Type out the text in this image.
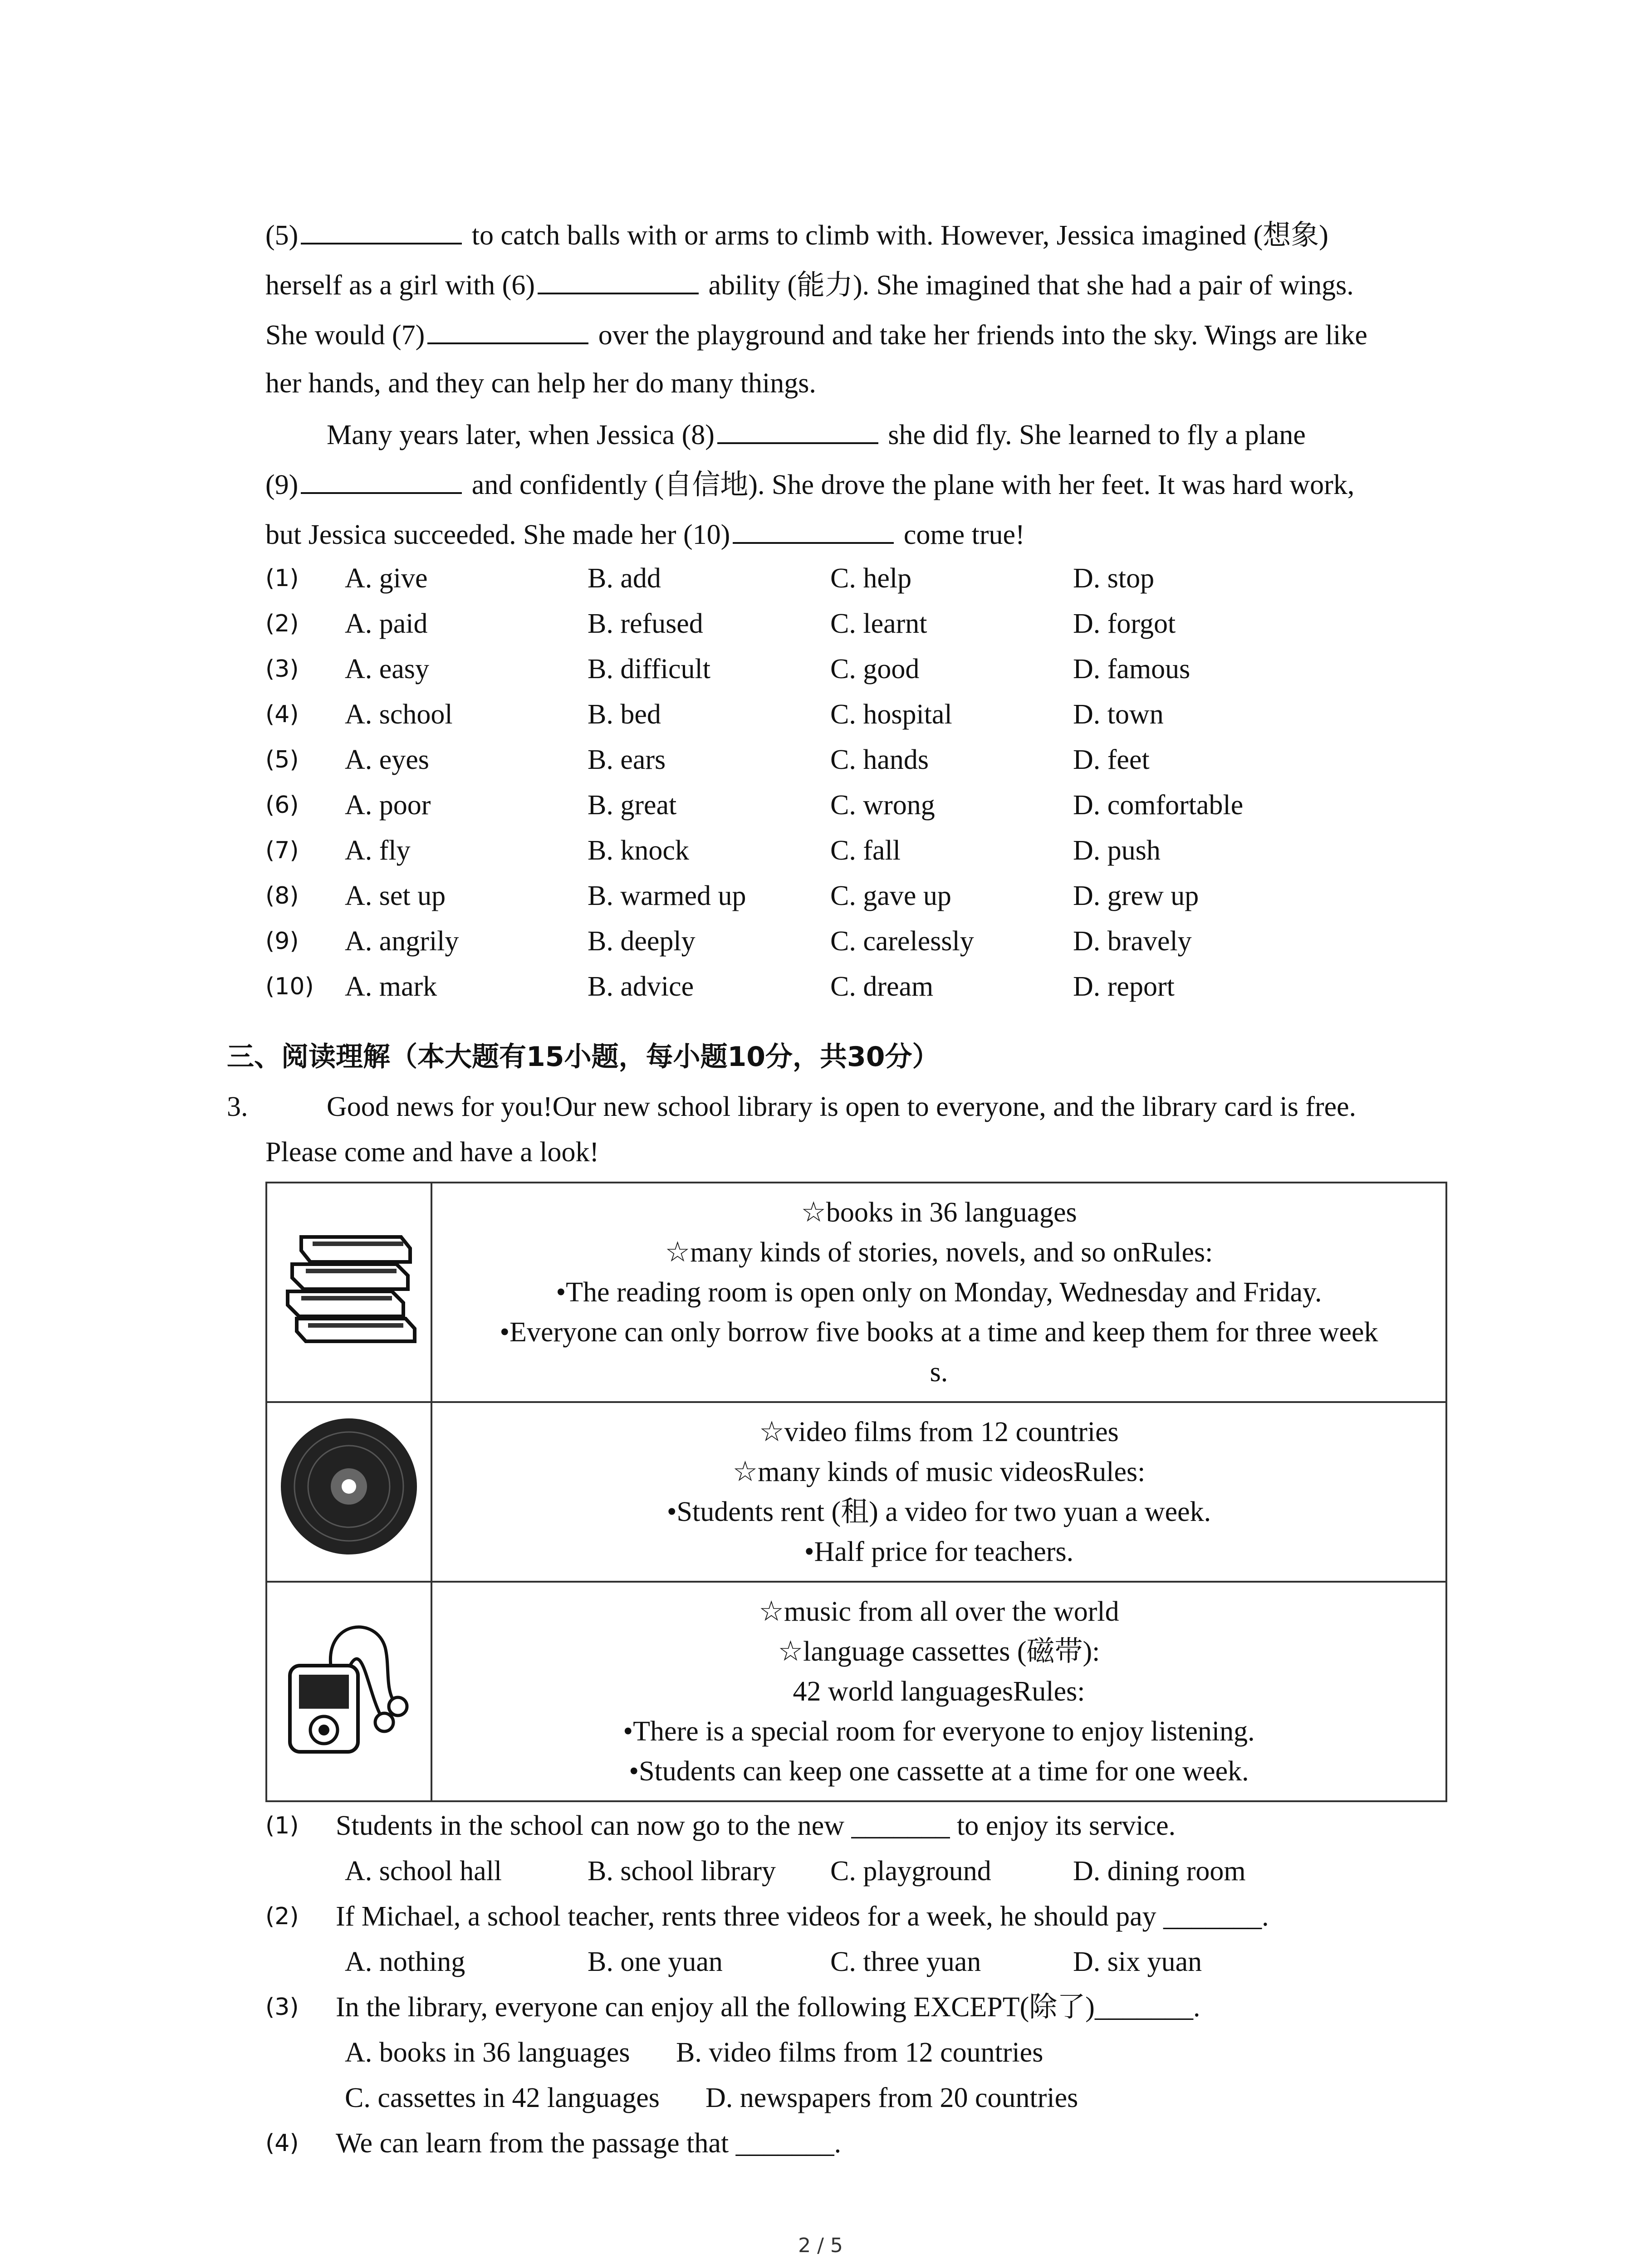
(5)	to catch balls with or arms to climb with. However, Jessica imagined (想象)
herself as a girl with (6)	ability (能力). She imagined that she had a pair of wings.
She would (7)	over the playground and take her friends into the sky. Wings are like
her hands, and they can help her do many things.
Many years later, when Jessica (8)	she did fly. She learned to fly a plane
(9)	and confidently (自信地). She drove the plane with her feet. It was hard work,
but Jessica succeeded. She made her (10)	come true!
(1) A. give	B. add	C. help	D. stop
(2) A. paid	B. refused	C. learnt	D. forgot
(3) A. easy	B. difficult	C. good	D. famous
(4) A. school	B. bed	C. hospital	D. town
(5) A. eyes	B. ears	C. hands	D. feet
(6) A. poor	B. great	C. wrong	D. comfortable
(7) A. fly	B. knock	C. fall	D. push
(8) A. set up	B. warmed up	C. gave up	D. grew up
(9) A. angrily	B. deeply	C. carelessly	D. bravely
(10) A. mark	B. advice	C. dream	D. report
三、阅读理解（本大题有15小题，每小题10分，共30分）
3.	Good news for you!Our new school library is open to everyone, and the library card is free.
Please come and have a look!

☆books in 36 languages
☆many kinds of stories, novels, and so onRules:
•The reading room is open only on Monday, Wednesday and Friday.
•Everyone can only borrow five books at a time and keep them for three week
s.

☆video films from 12 countries
☆many kinds of music videosRules:
•Students rent (租) a video for two yuan a week.
•Half price for teachers.

☆music from all over the world
☆language cassettes (磁带):
42 world languagesRules:
•There is a special room for everyone to enjoy listening.
•Students can keep one cassette at a time for one week.
(1) Students in the school can now go to the new _______ to enjoy its service.
A. school hall	B. school library C. playground	D. dining room
(2) If Michael, a school teacher, rents three videos for a week, he should pay _______.
A. nothing	B. one yuan	C. three yuan	D. six yuan
(3) In the library, everyone can enjoy all the following EXCEPT(除了)_______.
A. books in 36 languages B. video films from 12 countries
C. cassettes in 42 languages D. newspapers from 20 countries
(4) We can learn from the passage that _______.
2 / 5
